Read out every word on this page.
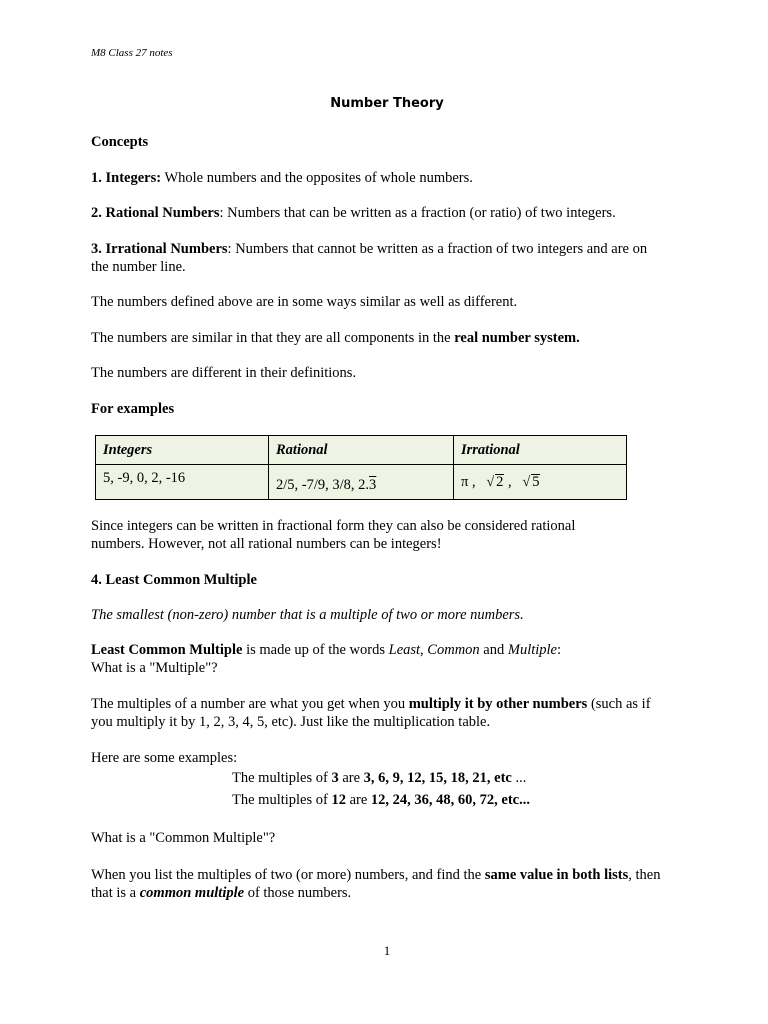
M8 Class 27 notes
Number Theory

Concepts

1. Integers: Whole numbers and the opposites of whole numbers.

2. Rational Numbers: Numbers that can be written as a fraction (or ratio) of two integers.

3. Irrational Numbers: Numbers that cannot be written as a fraction of two integers and are on

the number line.

The numbers defined above are in some ways similar as well as different.

The numbers are similar in that they are all components in the real number system.

The numbers are different in their definitions.

For examples

Integers	Rational	Irrational
5, -9, 0, 2, -16	2/5, -7/9, 3/8, 2.3	π , √ 2 , √ 5

Since integers can be written in fractional form they can also be considered rational

numbers. However, not all rational numbers can be integers!

4. Least Common Multiple

The smallest (non-zero) number that is a multiple of two or more numbers.

Least Common Multiple is made up of the words Least, Common and Multiple:

What is a "Multiple"?

The multiples of a number are what you get when you multiply it by other numbers (such as if

you multiply it by 1, 2, 3, 4, 5, etc). Just like the multiplication table.

Here are some examples:

The multiples of 3 are 3, 6, 9, 12, 15, 18, 21, etc ...

The multiples of 12 are 12, 24, 36, 48, 60, 72, etc...

What is a "Common Multiple"?

When you list the multiples of two (or more) numbers, and find the same value in both lists, then

that is a common multiple of those numbers.

1
